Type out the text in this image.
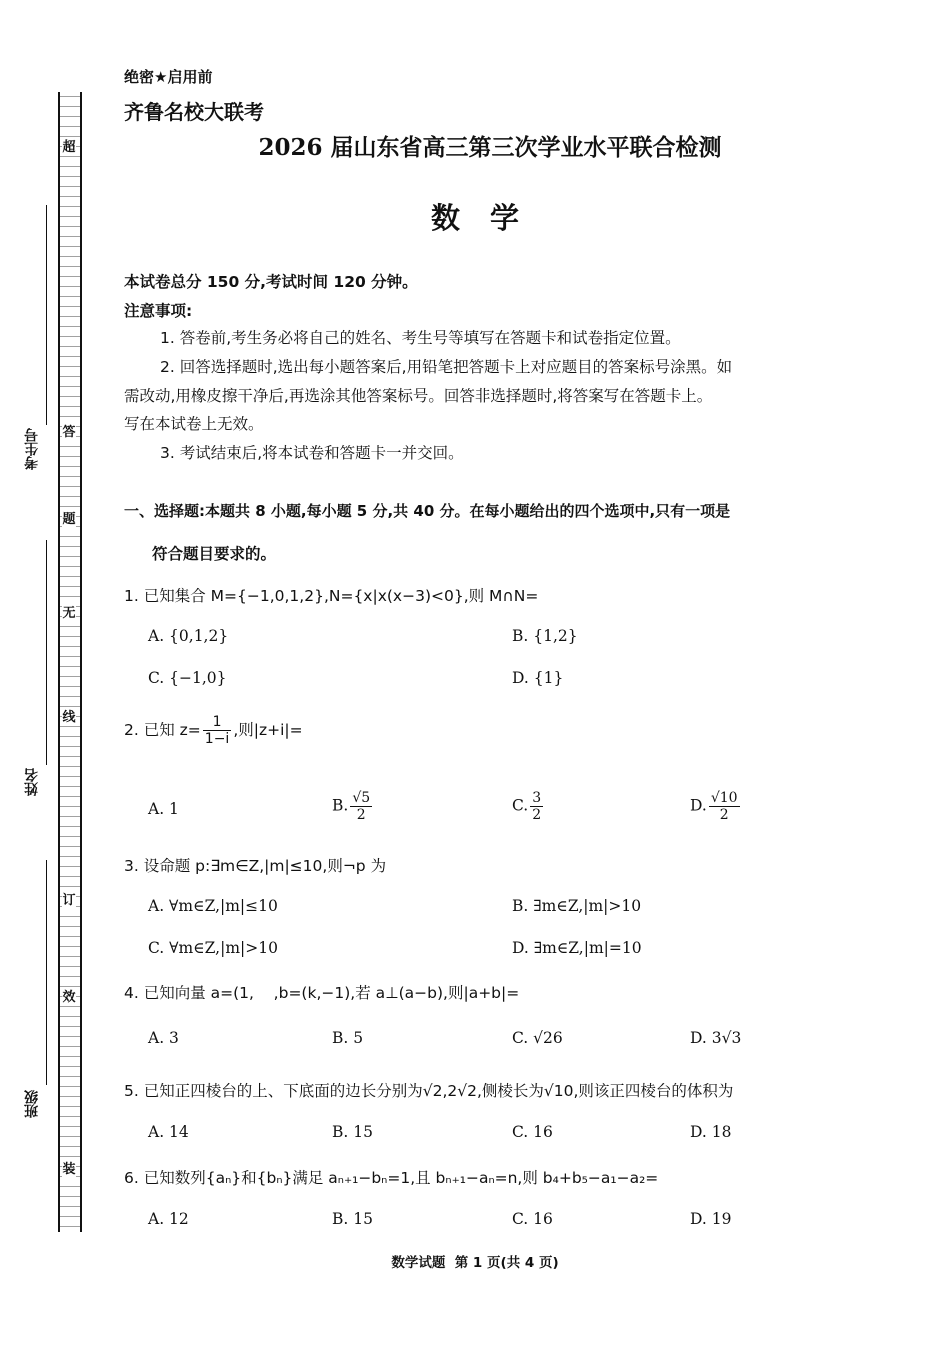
超
装
订
线
答
题
无
效
考生号
姓名
班级
绝密★启用前
齐鲁名校大联考
2026 届山东省高三第三次学业水平联合检测
数学
本试卷总分 150 分,考试时间 120 分钟。
注意事项:
1. 答卷前,考生务必将自己的姓名、考生号等填写在答题卡和试卷指定位置。
2. 回答选择题时,选出每小题答案后,用铅笔把答题卡上对应题目的答案标号涂黑。如
需改动,用橡皮擦干净后,再选涂其他答案标号。回答非选择题时,将答案写在答题卡上。
写在本试卷上无效。
3. 考试结束后,将本试卷和答题卡一并交回。
一、选择题:本题共 8 小题,每小题 5 分,共 40 分。在每小题给出的四个选项中,只有一项是
符合题目要求的。
1. 已知集合 M={−1,0,1,2},N={x|x(x−3)<0},则 M∩N=
A. {0,1,2}	B. {1,2}
C. {−1,0}	D. {1}
2. 已知 $z= \frac{1}{1-i}$ ,则|z+i|=
A. 1	B. $\frac{√5}{2}$	C. $\frac{3}{2}$	D. $\frac{√10}{2}$
3. 设命题 p:∃m∈Z,|m|≤10,则¬p 为
A. ∀m∈Z,|m|≤10	B. ∃m∈Z,|m|>10
C. ∀m∈Z,|m|>10	D. ∃m∈Z,|m|=10
4. 已知向量 a=(1,    ,b=(k,−1),若 a⊥(a−b),则|a+b|=
A. 3	B. 5	C. √26	D. 3√3
5. 已知正四棱台的上、下底面的边长分别为√2,2√2,侧棱长为√10,则该正四棱台的体积为
A. 14	B. 15	C. 16	D. 18
6. 已知数列{aₙ}和{bₙ}满足 aₙ₊₁−bₙ=1,且 bₙ₊₁−aₙ=n,则 b₄+b₅−a₁−a₂=
A. 12	B. 15	C. 16	D. 19
数学试题  第 1 页(共 4 页)
